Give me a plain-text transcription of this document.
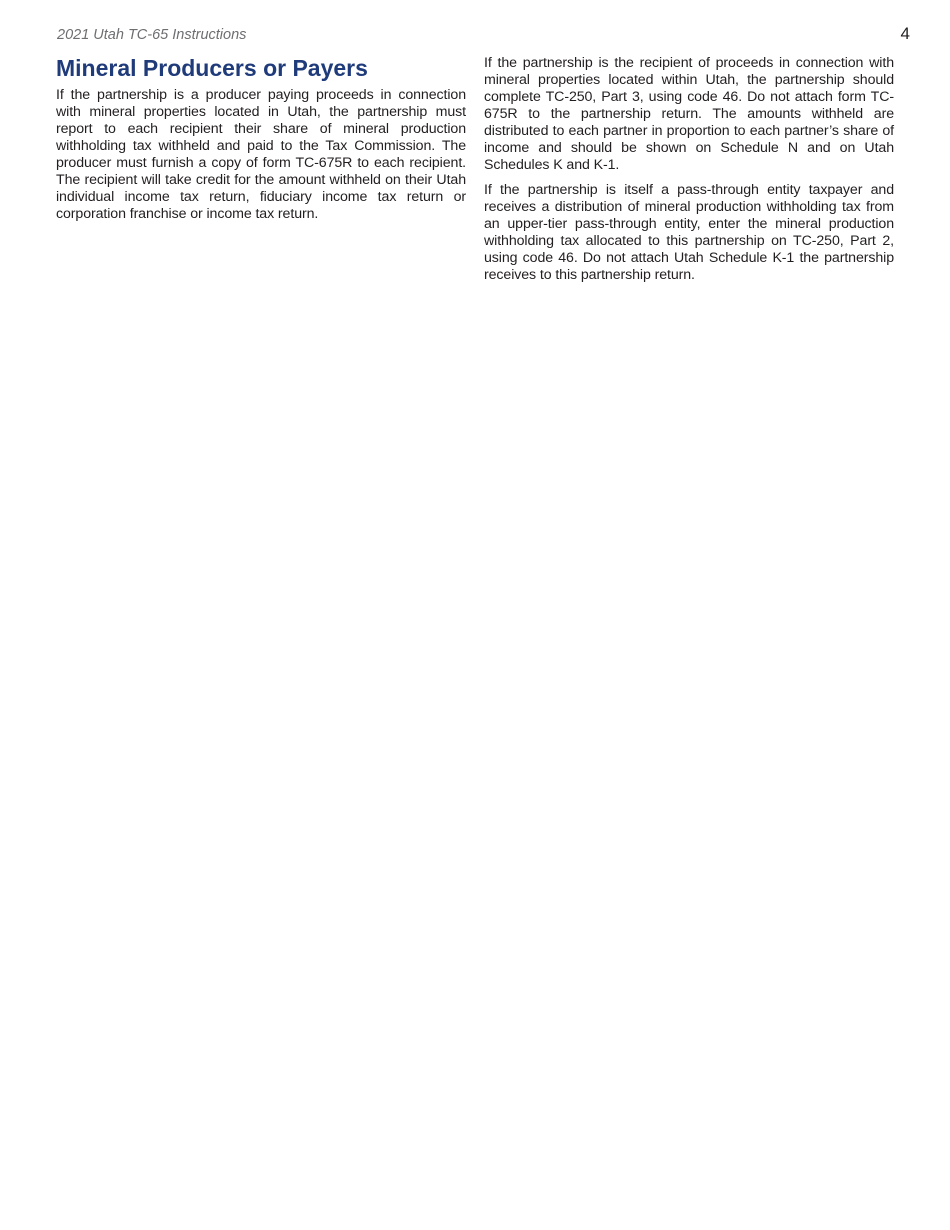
2021 Utah TC-65 Instructions	4
Mineral Producers or Payers

If the partnership is a producer paying proceeds in connection with mineral properties located in Utah, the partnership must report to each recipient their share of mineral production withholding tax withheld and paid to the Tax Commission. The producer must furnish a copy of form TC-675R to each recipient. The recipient will take credit for the amount withheld on their Utah individual income tax return, fiduciary income tax return or corporation franchise or income tax return.

If the partnership is the recipient of proceeds in connection with mineral properties located within Utah, the partnership should complete TC-250, Part 3, using code 46. Do not attach form TC-675R to the partnership return. The amounts withheld are distributed to each partner in proportion to each partner’s share of income and should be shown on Schedule N and on Utah Schedules K and K-1.

If the partnership is itself a pass-through entity taxpayer and receives a distribution of mineral production withholding tax from an upper-tier pass-through entity, enter the mineral production withholding tax allocated to this partnership on TC-250, Part 2, using code 46. Do not attach Utah Schedule K-1 the partnership receives to this partnership return.
